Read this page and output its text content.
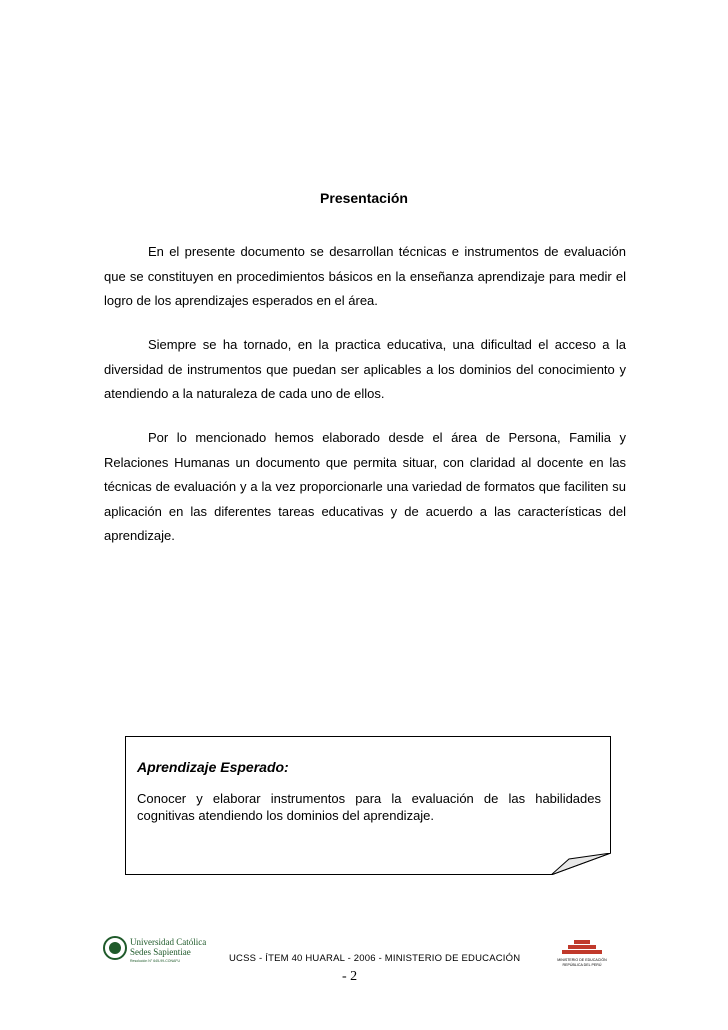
Presentación

En el presente documento se desarrollan técnicas e instrumentos de evaluación que se constituyen en procedimientos básicos en la enseñanza aprendizaje para medir el logro de los aprendizajes esperados en el área.

Siempre se ha tornado, en la practica educativa, una dificultad el acceso a la diversidad de instrumentos que puedan ser aplicables a los dominios del conocimiento y atendiendo a la naturaleza de cada uno de ellos.

Por lo mencionado hemos elaborado desde el área de Persona, Familia y Relaciones Humanas un documento que permita situar, con claridad al docente en las técnicas de evaluación y a la vez proporcionarle una variedad de formatos que faciliten su aplicación en las diferentes tareas educativas y de acuerdo a las características del aprendizaje.

Aprendizaje Esperado:

Conocer y elaborar instrumentos para la evaluación de las habilidades cognitivas atendiendo los dominios del aprendizaje.

Universidad Católica
Sedes Sapientiae
Resolución N° 645-99-CONAFU	UCSS - ÍTEM 40 HUARAL - 2006 - MINISTERIO DE EDUCACIÓN	MINISTERIO DE EDUCACIÓN
REPÚBLICA DEL PERÚ
- 2
